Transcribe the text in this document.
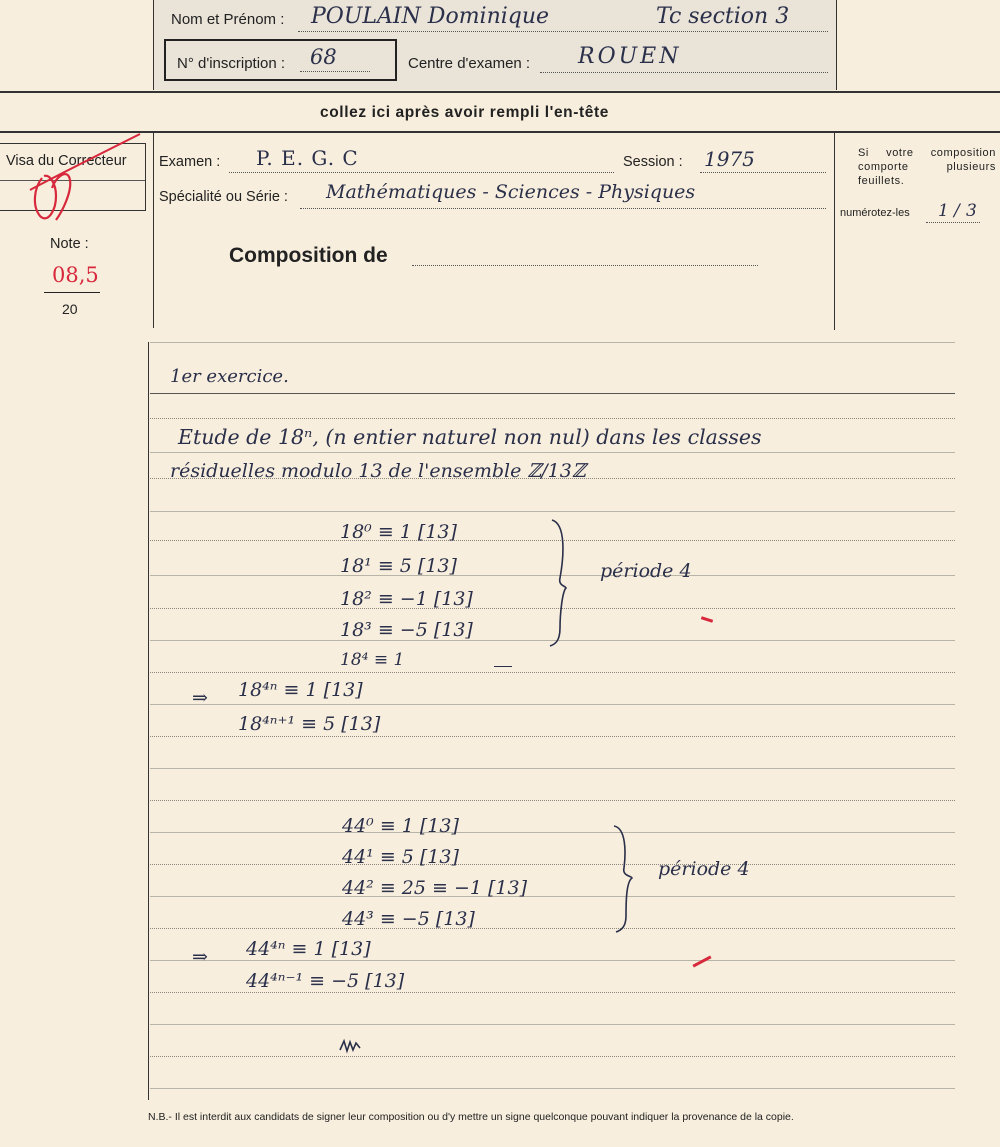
Nom et Prénom : POULAIN Dominique	Tc section 3
N° d'inscription : 68	Centre d'examen : ROUEN
collez ici après avoir rempli l'en-tête
Visa du Correcteur
Note :
08,5
20
Examen : P. E. G. C	Session : 1975
Spécialité ou Série : Mathématiques - Sciences - Physiques
Composition de
Si votre composition comporte plusieurs feuillets.
numérotez-les 1 / 3
1er exercice.
Etude de 18ⁿ, (n entier naturel non nul) dans les classes
résiduelles modulo 13 de l'ensemble ℤ/13ℤ
18⁰ ≡ 1 [13]
18¹ ≡ 5 [13]
18² ≡ −1 [13]
18³ ≡ −5 [13]
18⁴ ≡ 1
période 4
⇒ 18⁴ⁿ ≡ 1 [13]
18⁴ⁿ⁺¹ ≡ 5 [13]
44⁰ ≡ 1 [13]
44¹ ≡ 5 [13]
44² ≡ 25 ≡ −1 [13]
44³ ≡ −5 [13]
période 4
⇒ 44⁴ⁿ ≡ 1 [13]
44⁴ⁿ⁻¹ ≡ −5 [13]
N.B.- Il est interdit aux candidats de signer leur composition ou d'y mettre un signe quelconque pouvant indiquer la provenance de la copie.
